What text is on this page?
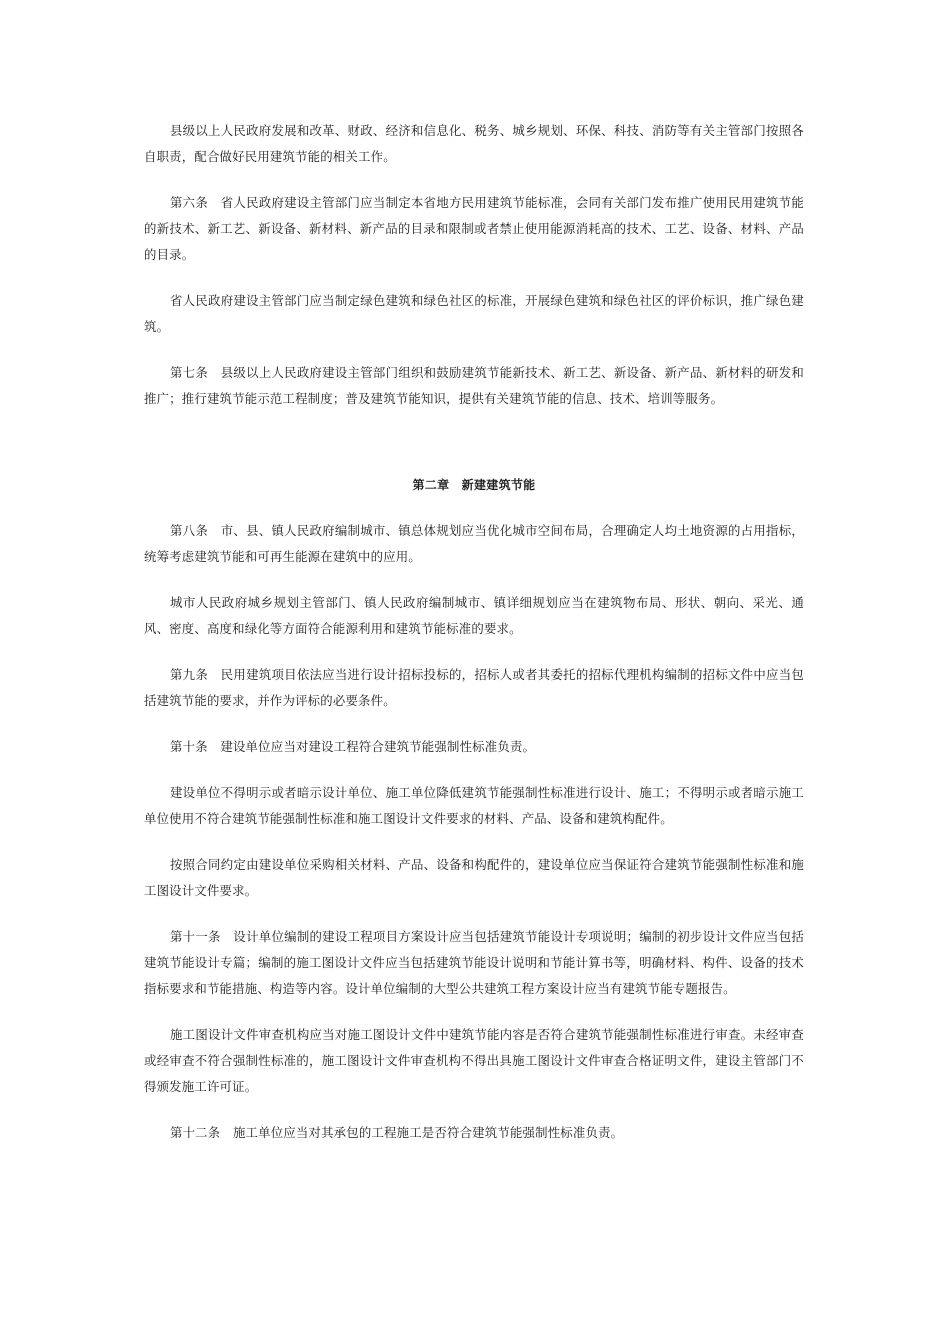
县级以上人民政府发展和改革、财政、经济和信息化、税务、城乡规划、环保、科技、消防等有关主管部门按照各自职责，配合做好民用建筑节能的相关工作。

第六条　省人民政府建设主管部门应当制定本省地方民用建筑节能标准，会同有关部门发布推广使用民用建筑节能的新技术、新工艺、新设备、新材料、新产品的目录和限制或者禁止使用能源消耗高的技术、工艺、设备、材料、产品的目录。

省人民政府建设主管部门应当制定绿色建筑和绿色社区的标准，开展绿色建筑和绿色社区的评价标识，推广绿色建筑。

第七条　县级以上人民政府建设主管部门组织和鼓励建筑节能新技术、新工艺、新设备、新产品、新材料的研发和推广；推行建筑节能示范工程制度；普及建筑节能知识，提供有关建筑节能的信息、技术、培训等服务。

第二章　新建建筑节能

第八条　市、县、镇人民政府编制城市、镇总体规划应当优化城市空间布局，合理确定人均土地资源的占用指标，统筹考虑建筑节能和可再生能源在建筑中的应用。

城市人民政府城乡规划主管部门、镇人民政府编制城市、镇详细规划应当在建筑物布局、形状、朝向、采光、通风、密度、高度和绿化等方面符合能源利用和建筑节能标准的要求。

第九条　民用建筑项目依法应当进行设计招标投标的，招标人或者其委托的招标代理机构编制的招标文件中应当包括建筑节能的要求，并作为评标的必要条件。

第十条　建设单位应当对建设工程符合建筑节能强制性标准负责。

建设单位不得明示或者暗示设计单位、施工单位降低建筑节能强制性标准进行设计、施工；不得明示或者暗示施工单位使用不符合建筑节能强制性标准和施工图设计文件要求的材料、产品、设备和建筑构配件。

按照合同约定由建设单位采购相关材料、产品、设备和构配件的，建设单位应当保证符合建筑节能强制性标准和施工图设计文件要求。

第十一条　设计单位编制的建设工程项目方案设计应当包括建筑节能设计专项说明；编制的初步设计文件应当包括建筑节能设计专篇；编制的施工图设计文件应当包括建筑节能设计说明和节能计算书等，明确材料、构件、设备的技术指标要求和节能措施、构造等内容。设计单位编制的大型公共建筑工程方案设计应当有建筑节能专题报告。

施工图设计文件审查机构应当对施工图设计文件中建筑节能内容是否符合建筑节能强制性标准进行审查。未经审查或经审查不符合强制性标准的，施工图设计文件审查机构不得出具施工图设计文件审查合格证明文件，建设主管部门不得颁发施工许可证。

第十二条　施工单位应当对其承包的工程施工是否符合建筑节能强制性标准负责。
